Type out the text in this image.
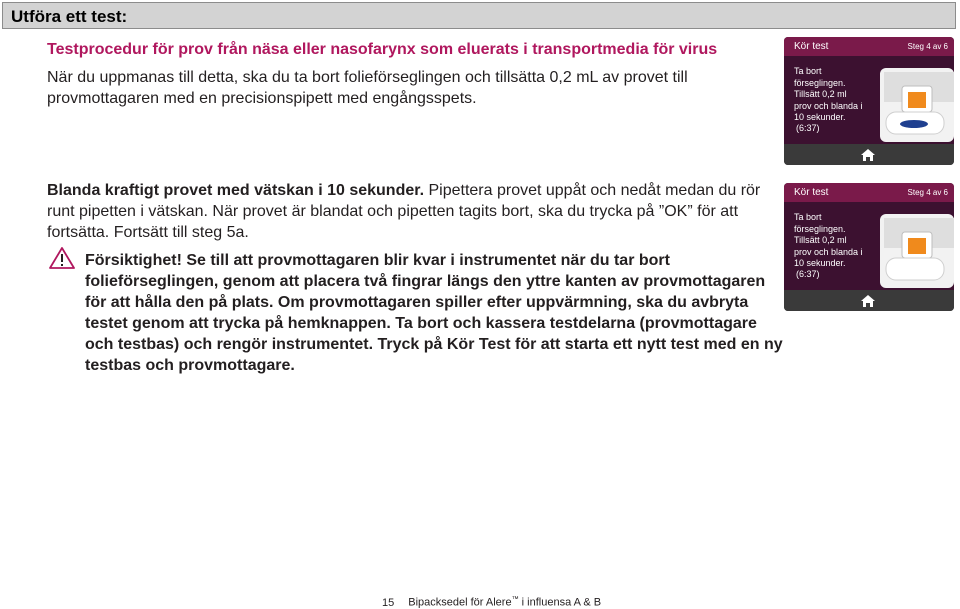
Utföra ett test:
Testprocedur för prov från näsa eller nasofarynx som eluerats i transportmedia för virus
När du uppmanas till detta, ska du ta bort folieförseglingen och tillsätta 0,2 mL av provet till provmottagaren med en precisionspipett med engångsspets.
Blanda kraftigt provet med vätskan i 10 sekunder. Pipettera provet uppåt och nedåt medan du rör runt pipetten i vätskan. När provet är blandat och pipetten tagits bort, ska du trycka på ”OK” för att fortsätta. Fortsätt till steg 5a.
Försiktighet! Se till att provmottagaren blir kvar i instrumentet när du tar bort folieförseglingen, genom att placera två fingrar längs den yttre kanten av provmottagaren för att hålla den på plats. Om provmottagaren spiller efter uppvärmning, ska du avbryta testet genom att trycka på hemknappen. Ta bort och kassera testdelarna (provmottagare och testbas) och rengör instrumentet. Tryck på Kör Test för att starta ett nytt test med en ny testbas och provmottagare.
Kör test	Steg 4 av 6
Ta bort förseglingen. Tillsätt 0,2 ml prov och blanda i 10 sekunder.
(6:37)
Kör test	Steg 4 av 6
Ta bort förseglingen. Tillsätt 0,2 ml prov och blanda i 10 sekunder.
(6:37)
15 Bipacksedel för Alere™ i influensa A & B
